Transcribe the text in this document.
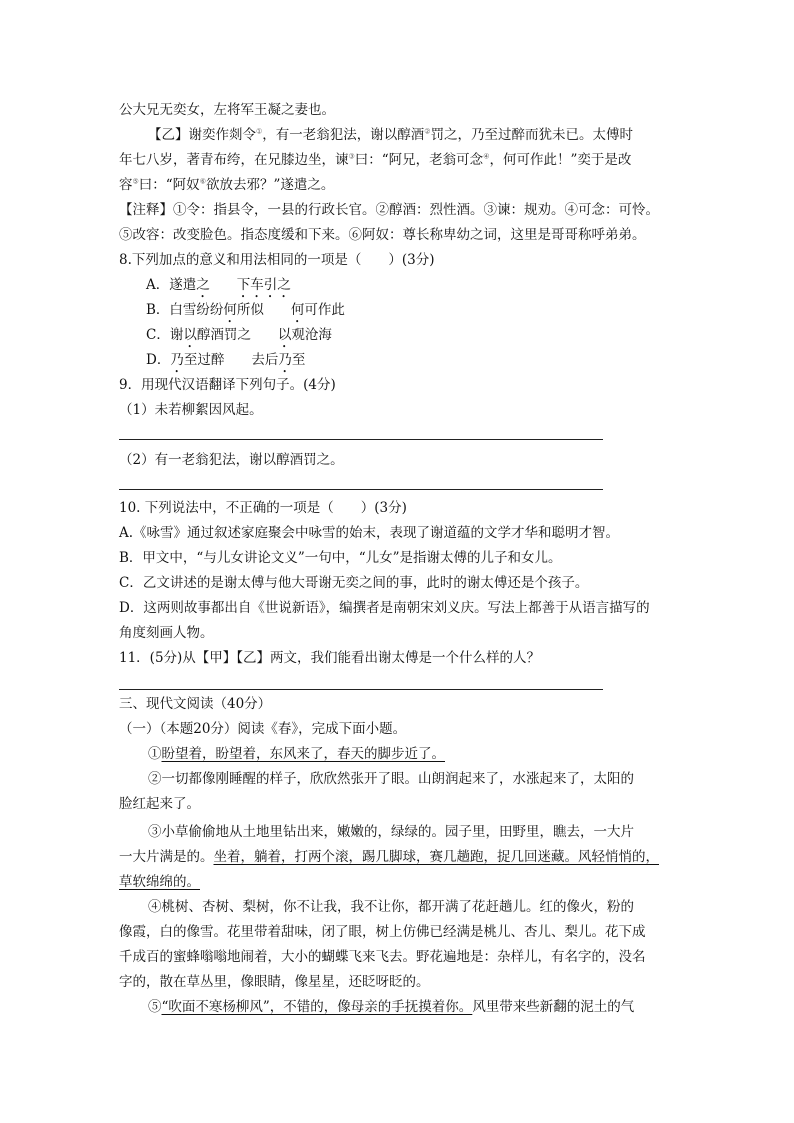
公大兄无奕女，左将军王凝之妻也。
【乙】谢奕作剡令①，有一老翁犯法，谢以醇酒②罚之，乃至过醉而犹未已。太傅时
年七八岁，著青布绔，在兄膝边坐，谏③曰：“阿兄，老翁可念④，何可作此！”奕于是改
容⑤曰：“阿奴⑥欲放去邪？”遂遣之。
【注释】①令：指县令，一县的行政长官。②醇酒：烈性酒。③谏：规劝。④可念：可怜。
⑤改容：改变脸色。指态度缓和下来。⑥阿奴：尊长称卑幼之词，这里是哥哥称呼弟弟。
8.下列加点的意义和用法相同的一项是（　　）(3分)
A．遂遣之　　下车引之
B．白雪纷纷何所似　　何可作此
C．谢以醇酒罚之　　以观沧海
D．乃至过醉　　去后乃至
9．用现代汉语翻译下列句子。(4分)
（1）未若柳絮因风起。
（2）有一老翁犯法，谢以醇酒罚之。
10. 下列说法中，不正确的一项是（　　）(3分)
A.《咏雪》通过叙述家庭聚会中咏雪的始末，表现了谢道蕴的文学才华和聪明才智。
B．甲文中，“与儿女讲论文义”一句中，“儿女”是指谢太傅的儿子和女儿。
C．乙文讲述的是谢太傅与他大哥谢无奕之间的事，此时的谢太傅还是个孩子。
D．这两则故事都出自《世说新语》，编撰者是南朝宋刘义庆。写法上都善于从语言描写的
角度刻画人物。
11．(5分)从【甲】【乙】两文，我们能看出谢太傅是一个什么样的人？
三、现代文阅读（40分）
（一）（本题20分）阅读《春》，完成下面小题。
①盼望着，盼望着，东风来了，春天的脚步近了。
②一切都像刚睡醒的样子，欣欣然张开了眼。山朗润起来了，水涨起来了，太阳的
脸红起来了。
③小草偷偷地从土地里钻出来，嫩嫩的，绿绿的。园子里，田野里，瞧去，一大片
一大片满是的。坐着，躺着，打两个滚，踢几脚球，赛几趟跑，捉几回迷藏。风轻悄悄的，
草软绵绵的。
④桃树、杏树、梨树，你不让我，我不让你，都开满了花赶趟儿。红的像火，粉的
像霞，白的像雪。花里带着甜味，闭了眼，树上仿佛已经满是桃儿、杏儿、梨儿。花下成
千成百的蜜蜂嗡嗡地闹着，大小的蝴蝶飞来飞去。野花遍地是：杂样儿，有名字的，没名
字的，散在草丛里，像眼睛，像星星，还眨呀眨的。
⑤“吹面不寒杨柳风”，不错的，像母亲的手抚摸着你。风里带来些新翻的泥土的气
